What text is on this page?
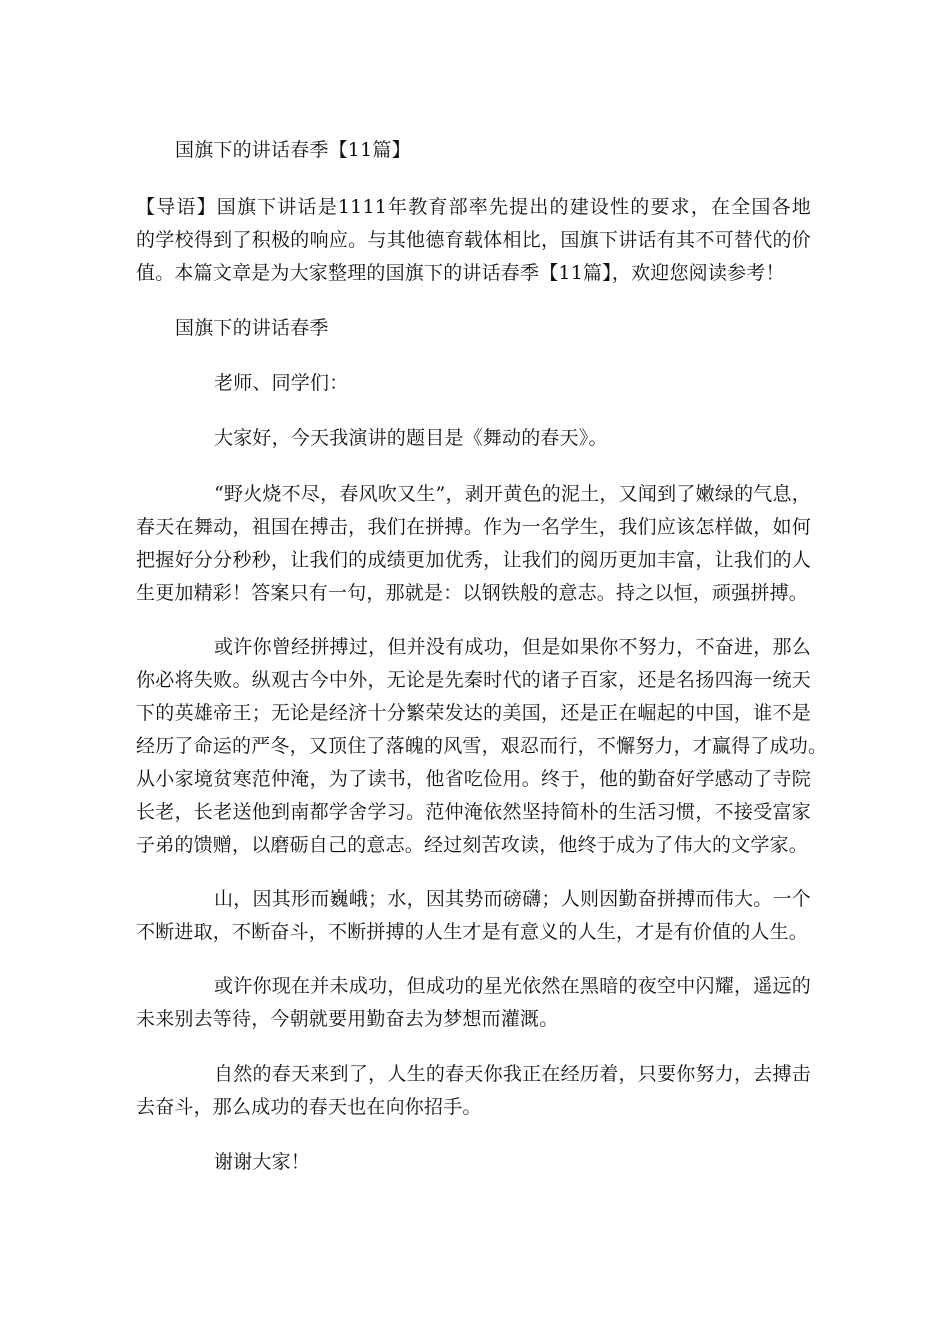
国旗下的讲话春季【11篇】
【导语】国旗下讲话是1111年教育部率先提出的建设性的要求，在全国各地
的学校得到了积极的响应。与其他德育载体相比，国旗下讲话有其不可替代的价
值。本篇文章是为大家整理的国旗下的讲话春季【11篇】，欢迎您阅读参考！
国旗下的讲话春季
老师、同学们：
大家好，今天我演讲的题目是《舞动的春天》。
“野火烧不尽，春风吹又生”，剥开黄色的泥土，又闻到了嫩绿的气息，
春天在舞动，祖国在搏击，我们在拼搏。作为一名学生，我们应该怎样做，如何
把握好分分秒秒，让我们的成绩更加优秀，让我们的阅历更加丰富，让我们的人
生更加精彩！答案只有一句，那就是：以钢铁般的意志。持之以恒，顽强拼搏。
或许你曾经拼搏过，但并没有成功，但是如果你不努力，不奋进，那么
你必将失败。纵观古今中外，无论是先秦时代的诸子百家，还是名扬四海一统天
下的英雄帝王；无论是经济十分繁荣发达的美国，还是正在崛起的中国，谁不是
经历了命运的严冬，又顶住了落魄的风雪，艰忍而行，不懈努力，才赢得了成功。
从小家境贫寒范仲淹，为了读书，他省吃俭用。终于，他的勤奋好学感动了寺院
长老，长老送他到南都学舍学习。范仲淹依然坚持简朴的生活习惯，不接受富家
子弟的馈赠，以磨砺自己的意志。经过刻苦攻读，他终于成为了伟大的文学家。
山，因其形而巍峨；水，因其势而磅礴；人则因勤奋拼搏而伟大。一个
不断进取，不断奋斗，不断拼搏的人生才是有意义的人生，才是有价值的人生。
或许你现在并未成功，但成功的星光依然在黑暗的夜空中闪耀，遥远的
未来别去等待，今朝就要用勤奋去为梦想而灌溉。
自然的春天来到了，人生的春天你我正在经历着，只要你努力，去搏击
去奋斗，那么成功的春天也在向你招手。
谢谢大家！
